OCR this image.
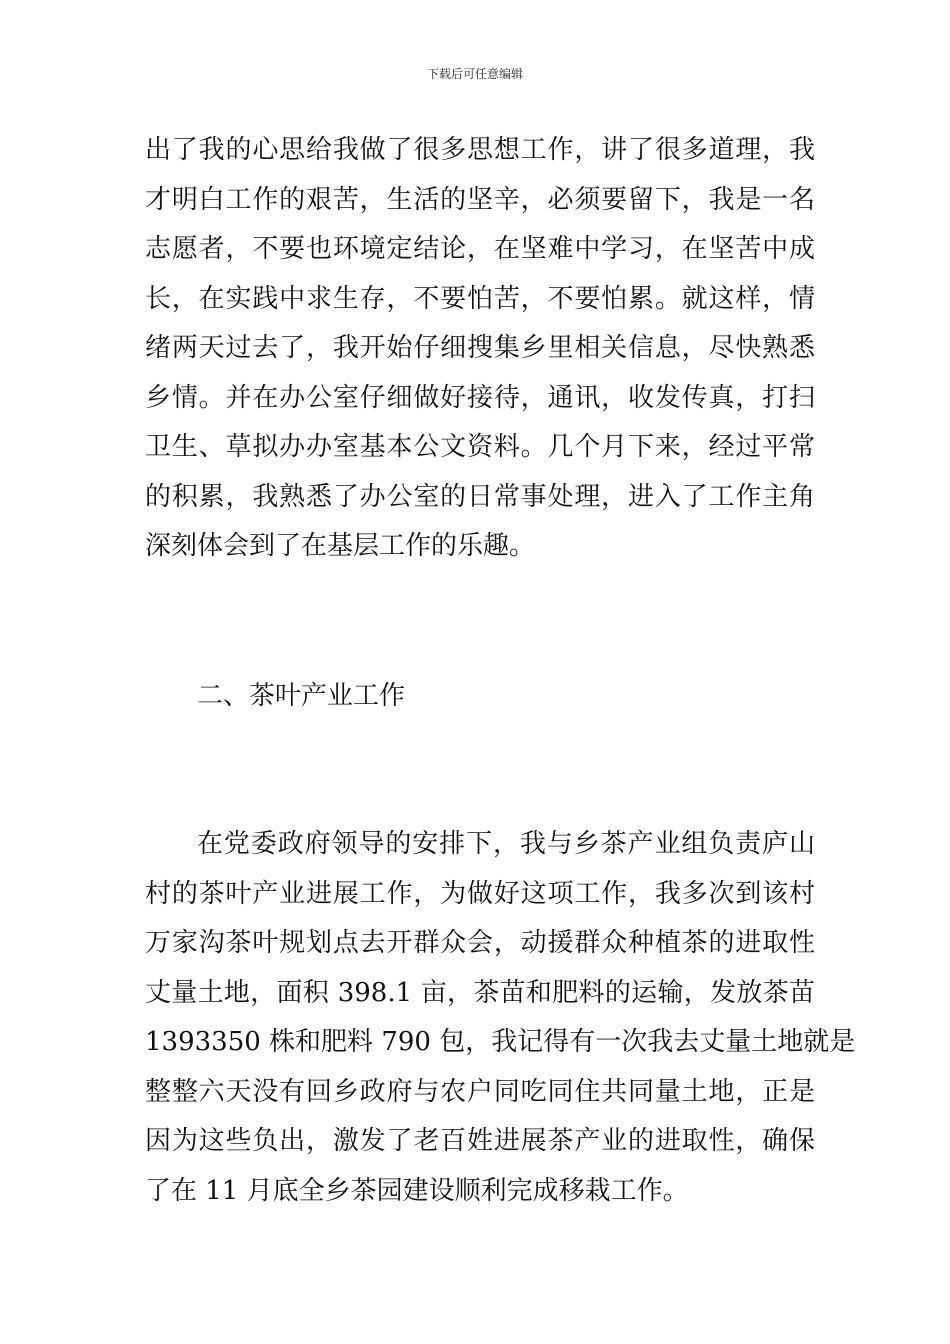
下载后可任意编辑
出了我的心思给我做了很多思想工作，讲了很多道理，我
才明白工作的艰苦，生活的坚辛，必须要留下，我是一名
志愿者，不要也环境定结论，在坚难中学习，在坚苦中成
长，在实践中求生存，不要怕苦，不要怕累。就这样，情
绪两天过去了，我开始仔细搜集乡里相关信息，尽快熟悉
乡情。并在办公室仔细做好接待，通讯，收发传真，打扫
卫生、草拟办办室基本公文资料。几个月下来，经过平常
的积累，我熟悉了办公室的日常事处理，进入了工作主角
深刻体会到了在基层工作的乐趣。
二、茶叶产业工作
在党委政府领导的安排下，我与乡茶产业组负责庐山
村的茶叶产业进展工作，为做好这项工作，我多次到该村
万家沟茶叶规划点去开群众会，动援群众种植茶的进取性
丈量土地，面积 398.1 亩，茶苗和肥料的运输，发放茶苗
1393350 株和肥料 790 包，我记得有一次我去丈量土地就是
整整六天没有回乡政府与农户同吃同住共同量土地，正是
因为这些负出，激发了老百姓进展茶产业的进取性，确保
了在 11 月底全乡茶园建设顺利完成移栽工作。
